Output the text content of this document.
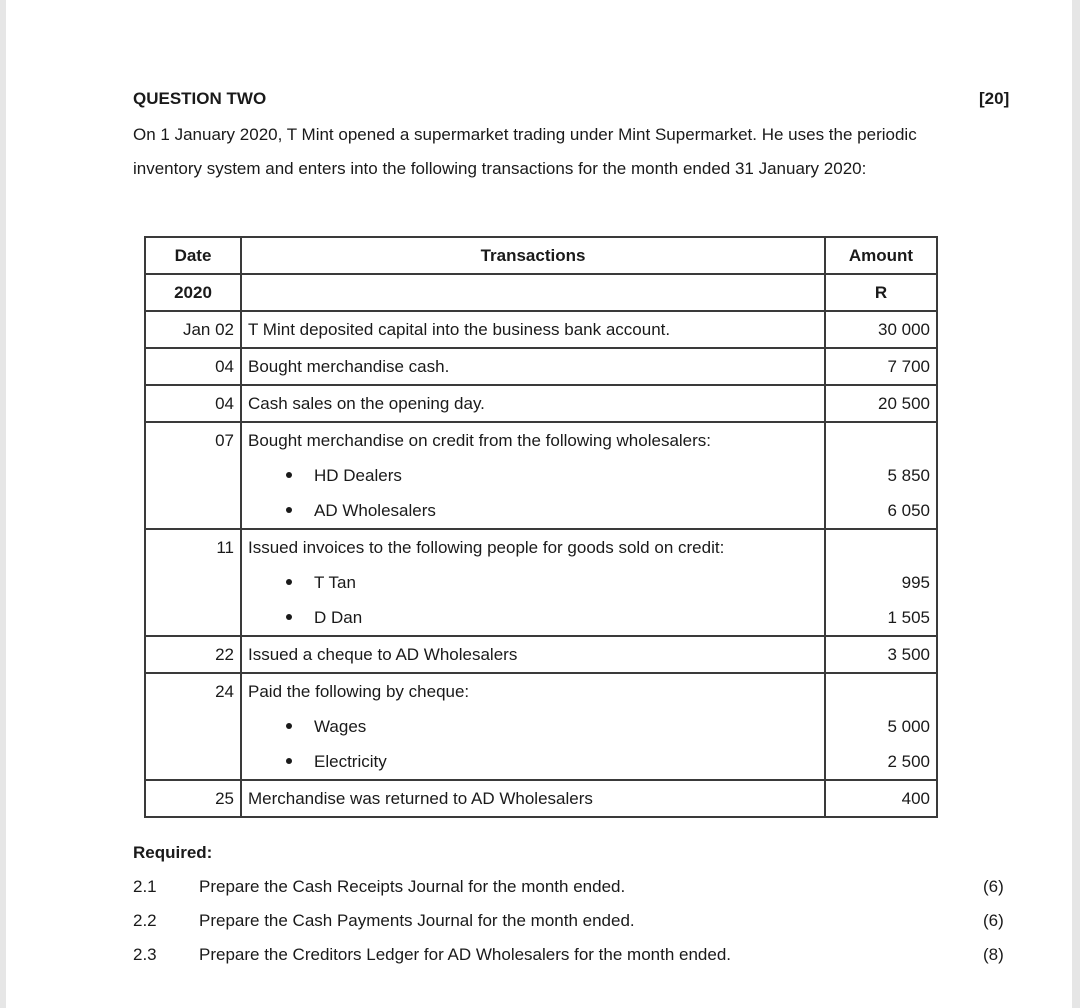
QUESTION TWO	[20]
On 1 January 2020, T Mint opened a supermarket trading under Mint Supermarket. He uses the periodic inventory system and enters into the following transactions for the month ended 31 January 2020:
Date	Transactions	Amount
2020		R
Jan 02	T Mint deposited capital into the business bank account.	30 000
04	Bought merchandise cash.	7 700
04	Cash sales on the opening day.	20 500
07	Bought merchandise on credit from the following wholesalers:	
	HD Dealers	5 850
	AD Wholesalers	6 050
11	Issued invoices to the following people for goods sold on credit:	
	T Tan	995
	D Dan	1 505
22	Issued a cheque to AD Wholesalers	3 500
24	Paid the following by cheque:	
	Wages	5 000
	Electricity	2 500
25	Merchandise was returned to AD Wholesalers	400
Required:
2.1 Prepare the Cash Receipts Journal for the month ended.	(6)
2.2 Prepare the Cash Payments Journal for the month ended.	(6)
2.3 Prepare the Creditors Ledger for AD Wholesalers for the month ended.	(8)
